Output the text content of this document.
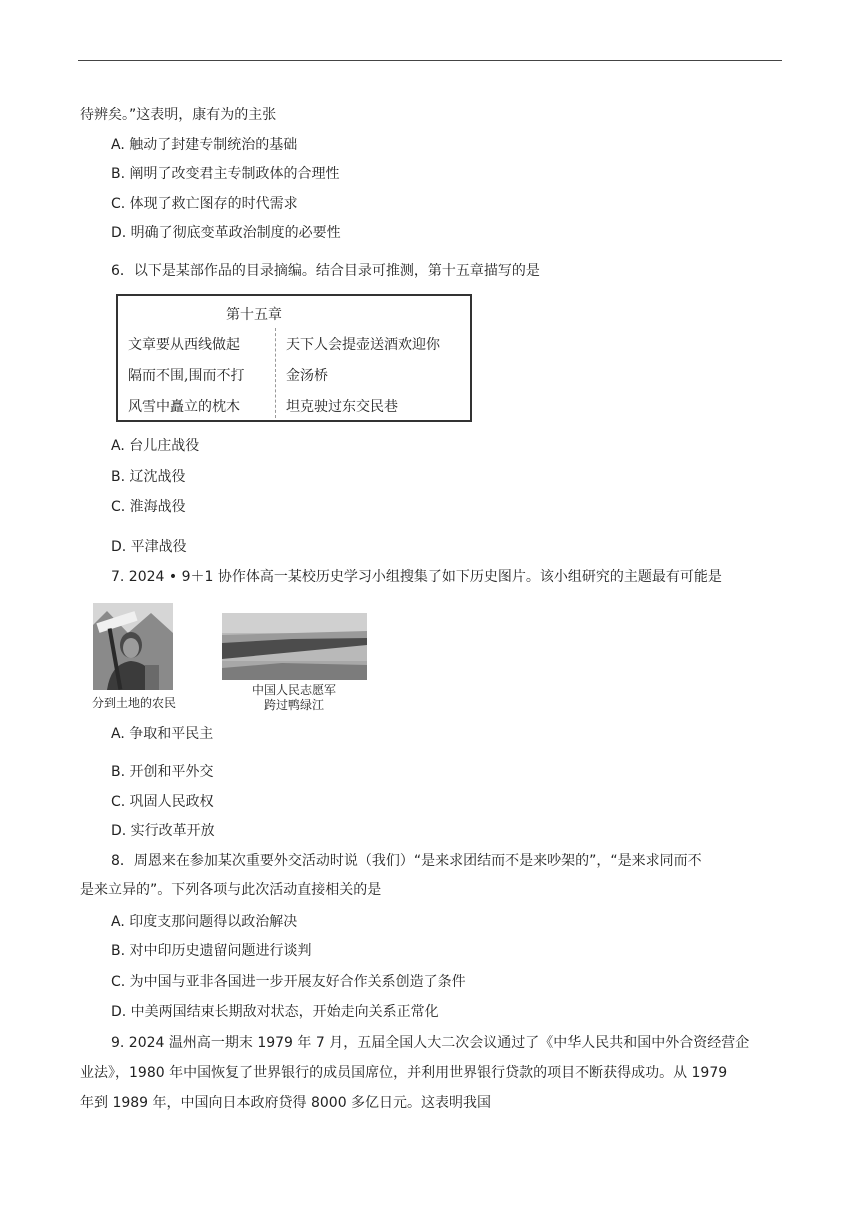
待辨矣。”这表明，康有为的主张
A. 触动了封建专制统治的基础
B. 阐明了改变君主专制政体的合理性
C. 体现了救亡图存的时代需求
D. 明确了彻底变革政治制度的必要性
6．以下是某部作品的目录摘编。结合目录可推测，第十五章描写的是
第十五章
文章要从西线做起
隔而不围,围而不打
风雪中矗立的枕木
天下人会提壶送酒欢迎你
金汤桥
坦克驶过东交民巷
A. 台儿庄战役
B. 辽沈战役
C. 淮海战役
D. 平津战役
7. 2024 • 9＋1 协作体高一某校历史学习小组搜集了如下历史图片。该小组研究的主题最有可能是
分到土地的农民
中国人民志愿军
跨过鸭绿江
A. 争取和平民主
B. 开创和平外交
C. 巩固人民政权
D. 实行改革开放
8．周恩来在参加某次重要外交活动时说（我们）“是来求团结而不是来吵架的”，“是来求同而不
是来立异的”。下列各项与此次活动直接相关的是
A. 印度支那问题得以政治解决
B. 对中印历史遗留问题进行谈判
C. 为中国与亚非各国进一步开展友好合作关系创造了条件
D. 中美两国结束长期敌对状态，开始走向关系正常化
9. 2024 温州高一期末 1979 年 7 月，五届全国人大二次会议通过了《中华人民共和国中外合资经营企
业法》，1980 年中国恢复了世界银行的成员国席位，并利用世界银行贷款的项目不断获得成功。从 1979
年到 1989 年，中国向日本政府贷得 8000 多亿日元。这表明我国
